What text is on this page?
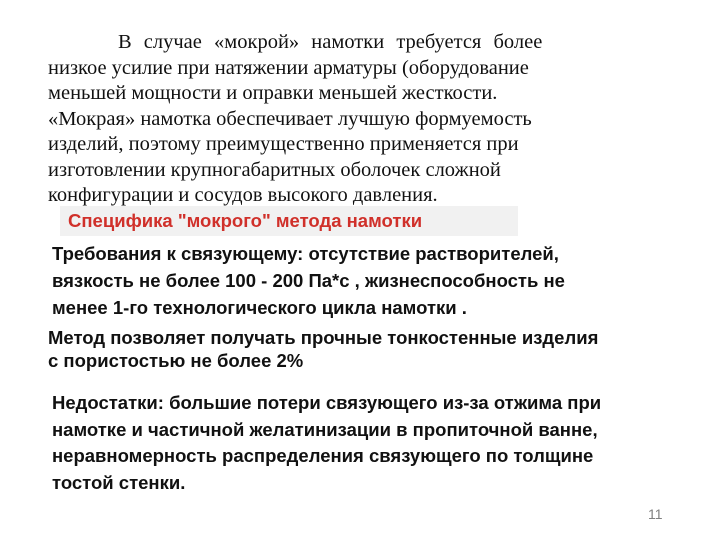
В случае «мокрой» намотки требуется более
низкое усилие при натяжении арматуры (оборудование
меньшей мощности и оправки меньшей жесткости.
«Мокрая» намотка обеспечивает лучшую формуемость
изделий, поэтому преимущественно применяется при
изготовлении крупногабаритных оболочек сложной
конфигурации и сосудов высокого давления.
Специфика "мокрого" метода намотки
Требования к связующему: отсутствие растворителей,
вязкость не более 100 - 200 Па*с , жизнеспособность не
менее 1-го технологического цикла намотки .
Метод позволяет получать прочные тонкостенные изделия
с пористостью не более 2%
Недостатки: большие потери связующего из-за отжима при
намотке и частичной желатинизации в пропиточной ванне,
неравномерность распределения связующего по толщине
тостой стенки.
11
